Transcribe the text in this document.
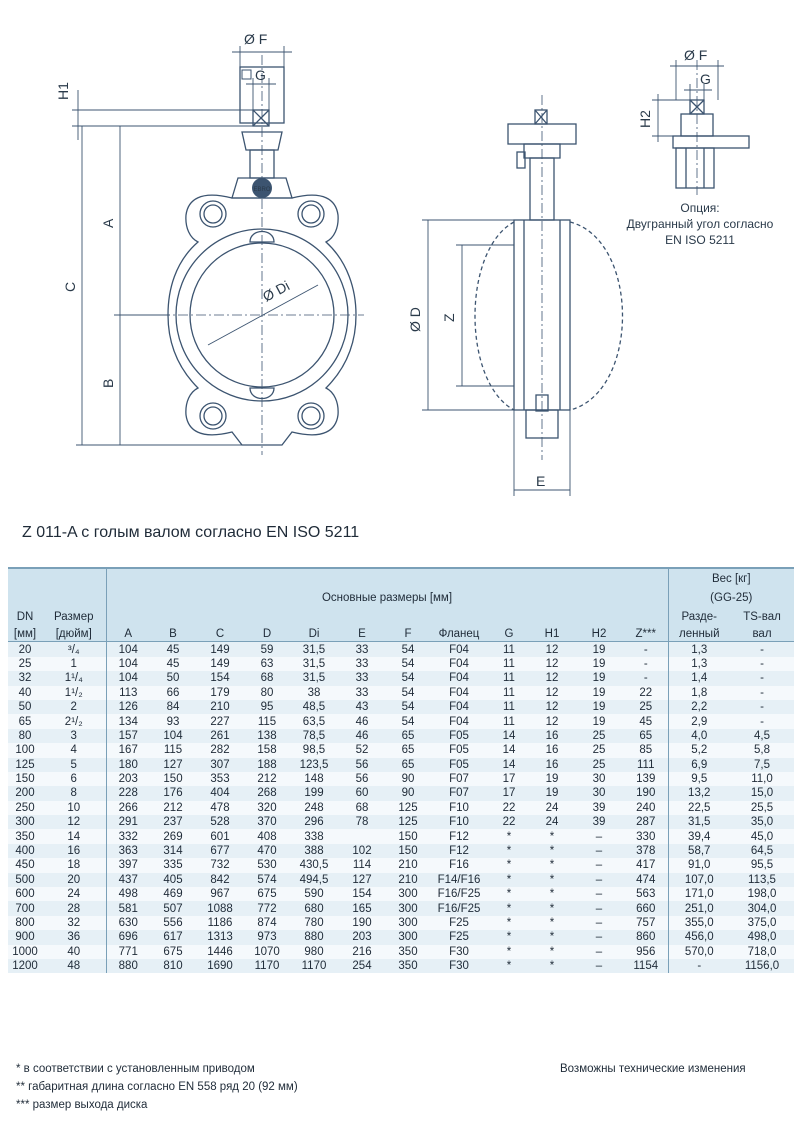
EBRO
Ø F
G
H1
A
B
C	Ø Di
Ø D Z
E
H2
Ø F
G
Опция:
Двугранный угол согласно
EN ISO 5211
Z 011-A с голым валом согласно EN ISO 5211
		Основные размеры [мм]												Вес [кг]	
														(GG-25)	
DN	Размер													Разде-	TS-вал
[мм]	[дюйм]	A	B	C	D	Di	E	F	Фланец	G	H1	H2	Z***	ленный	вал
20	³/₄	104	45	149	59	31,5	33	54	F04	11	12	19	-	1,3	-
25	1	104	45	149	63	31,5	33	54	F04	11	12	19	-	1,3	-
32	1¹/₄	104	50	154	68	31,5	33	54	F04	11	12	19	-	1,4	-
40	1¹/₂	113	66	179	80	38	33	54	F04	11	12	19	22	1,8	-
50	2	126	84	210	95	48,5	43	54	F04	11	12	19	25	2,2	-
65	2¹/₂	134	93	227	115	63,5	46	54	F04	11	12	19	45	2,9	-
80	3	157	104	261	138	78,5	46	65	F05	14	16	25	65	4,0	4,5
100	4	167	115	282	158	98,5	52	65	F05	14	16	25	85	5,2	5,8
125	5	180	127	307	188	123,5	56	65	F05	14	16	25	111	6,9	7,5
150	6	203	150	353	212	148	56	90	F07	17	19	30	139	9,5	11,0
200	8	228	176	404	268	199	60	90	F07	17	19	30	190	13,2	15,0
250	10	266	212	478	320	248	68	125	F10	22	24	39	240	22,5	25,5
300	12	291	237	528	370	296	78	125	F10	22	24	39	287	31,5	35,0
350	14	332	269	601	408	338		150	F12	*	*	–	330	39,4	45,0
400	16	363	314	677	470	388	102	150	F12	*	*	–	378	58,7	64,5
450	18	397	335	732	530	430,5	114	210	F16	*	*	–	417	91,0	95,5
500	20	437	405	842	574	494,5	127	210	F14/F16	*	*	–	474	107,0	113,5
600	24	498	469	967	675	590	154	300	F16/F25	*	*	–	563	171,0	198,0
700	28	581	507	1088	772	680	165	300	F16/F25	*	*	–	660	251,0	304,0
800	32	630	556	1186	874	780	190	300	F25	*	*	–	757	355,0	375,0
900	36	696	617	1313	973	880	203	300	F25	*	*	–	860	456,0	498,0
1000	40	771	675	1446	1070	980	216	350	F30	*	*	–	956	570,0	718,0
1200	48	880	810	1690	1170	1170	254	350	F30	*	*	–	1154	-	1156,0
* в соответствии с установленным приводом
** габаритная длина согласно EN 558 ряд 20 (92 мм)
*** размер выхода диска
Возможны технические изменения
